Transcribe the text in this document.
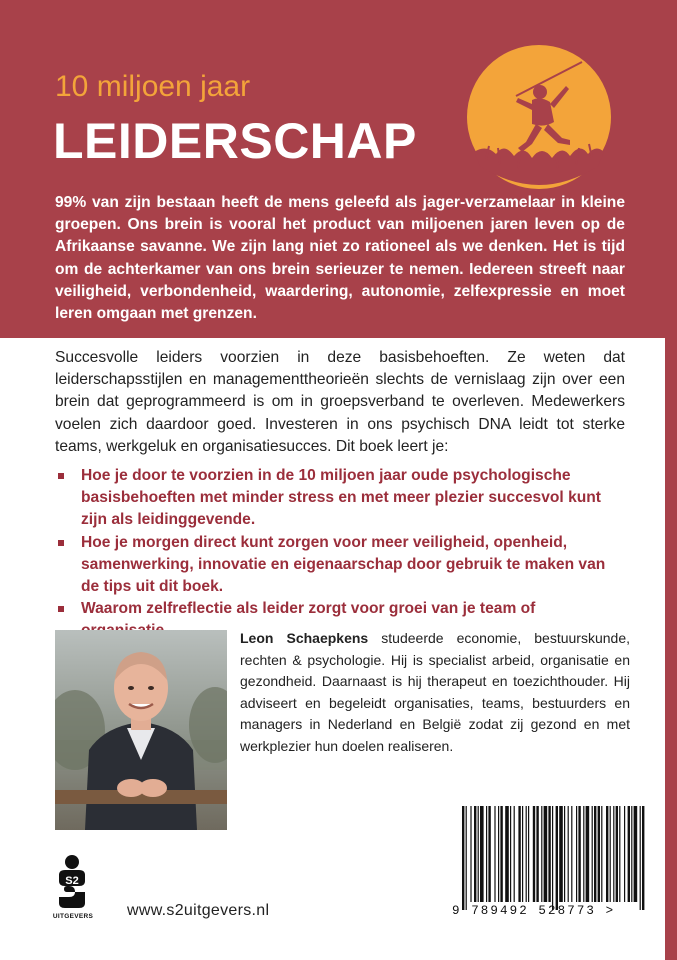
10 miljoen jaar
LEIDERSCHAP

99% van zijn bestaan heeft de mens geleefd als jager-verzamelaar in kleine groepen. Ons brein is vooral het product van miljoenen jaren leven op de Afrikaanse savanne. We zijn lang niet zo rationeel als we denken. Het is tijd om de achterkamer van ons brein serieuzer te nemen. Iedereen streeft naar veiligheid, verbondenheid, waardering, autonomie, zelfexpressie en moet leren omgaan met grenzen.

Succesvolle leiders voorzien in deze basisbehoeften. Ze weten dat leiderschapsstijlen en managementtheorieën slechts de vernislaag zijn over een brein dat geprogrammeerd is om in groepsverband te overleven. Medewerkers voelen zich daardoor goed. Investeren in ons psychisch DNA leidt tot sterke teams, werkgeluk en organisatiesucces. Dit boek leert je:

Hoe je door te voorzien in de 10 miljoen jaar oude psychologische basisbehoeften met minder stress en met meer plezier succesvol kunt zijn als leidinggevende.
Hoe je morgen direct kunt zorgen voor meer veiligheid, openheid, samenwerking, innovatie en eigenaarschap door gebruik te maken van de tips uit dit boek.
Waarom zelfreflectie als leider zorgt voor groei van je team of

Leon Schaepkens studeerde economie, bestuurskunde, rechten & psychologie. Hij is specialist arbeid, organisatie en gezondheid. Daarnaast is hij therapeut en toezichthouder. Hij adviseert en begeleidt organisaties, teams, bestuurders en managers in Nederland en België zodat zij gezond en met werkplezier hun doelen realiseren.

S2
UITGEVERS www.s2uitgevers.nl	9 789492 528773 >
